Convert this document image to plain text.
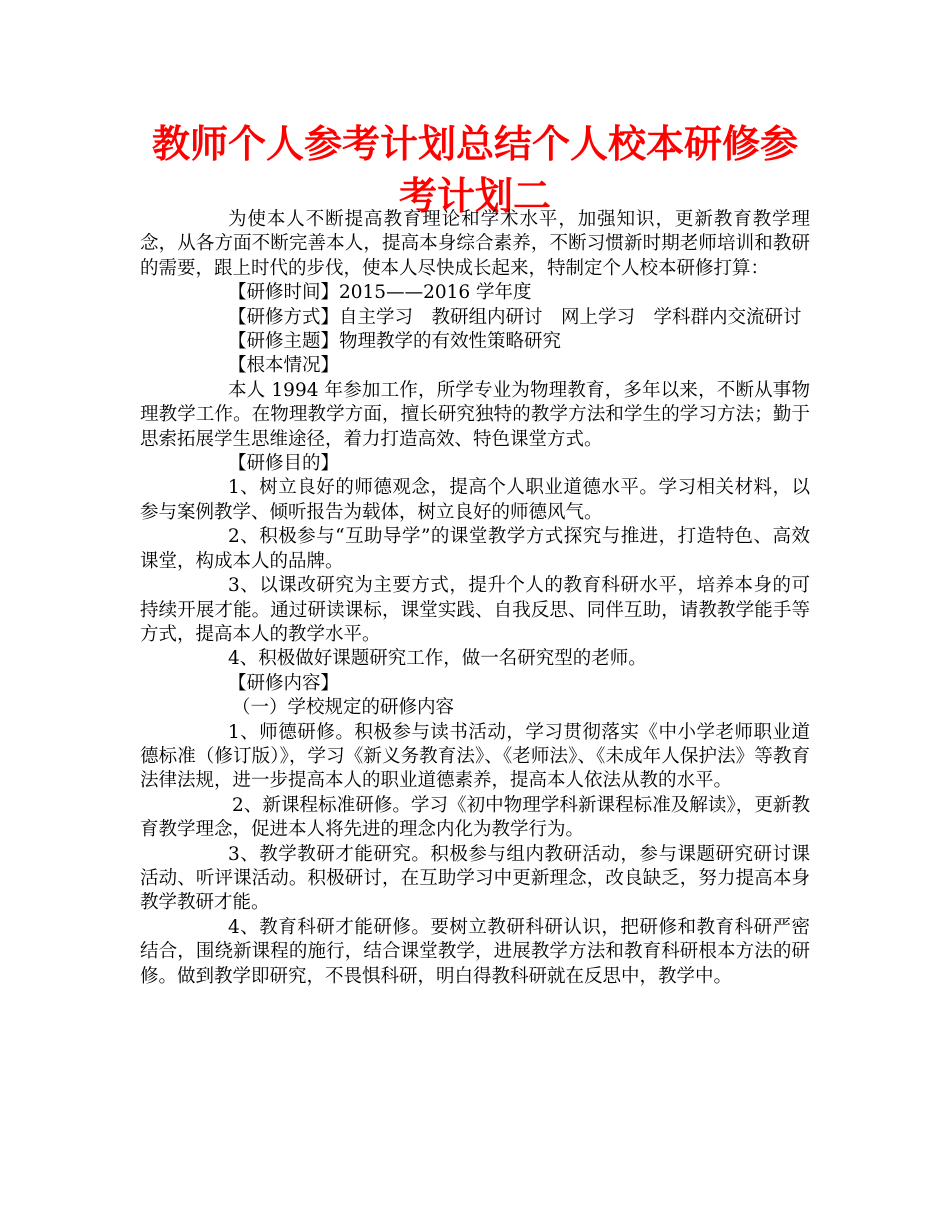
教师个人参考计划总结个人校本研修参考计划二

为使本人不断提高教育理论和学术水平，加强知识，更新教育教学理念，从各方面不断完善本人，提高本身综合素养，不断习惯新时期老师培训和教研的需要，跟上时代的步伐，使本人尽快成长起来，特制定个人校本研修打算：

【研修时间】2015——2016 学年度

【研修方式】自主学习　教研组内研讨　网上学习　学科群内交流研讨

【研修主题】物理教学的有效性策略研究

【根本情况】

本人 1994 年参加工作，所学专业为物理教育，多年以来，不断从事物理教学工作。在物理教学方面，擅长研究独特的教学方法和学生的学习方法；勤于思索拓展学生思维途径，着力打造高效、特色课堂方式。

【研修目的】

1、树立良好的师德观念，提高个人职业道德水平。学习相关材料，以参与案例教学、倾听报告为载体，树立良好的师德风气。

2、积极参与“互助导学”的课堂教学方式探究与推进，打造特色、高效课堂，构成本人的品牌。

3、以课改研究为主要方式，提升个人的教育科研水平，培养本身的可持续开展才能。通过研读课标，课堂实践、自我反思、同伴互助，请教教学能手等方式，提高本人的教学水平。

4、积极做好课题研究工作，做一名研究型的老师。

【研修内容】

（一）学校规定的研修内容

1、师德研修。积极参与读书活动，学习贯彻落实《中小学老师职业道德标准（修订版）》，学习《新义务教育法》、《老师法》、《未成年人保护法》等教育法律法规，进一步提高本人的职业道德素养，提高本人依法从教的水平。

2、新课程标准研修。学习《初中物理学科新课程标准及解读》，更新教育教学理念，促进本人将先进的理念内化为教学行为。

3、教学教研才能研究。积极参与组内教研活动，参与课题研究研讨课活动、听评课活动。积极研讨，在互助学习中更新理念，改良缺乏，努力提高本身教学教研才能。

4、教育科研才能研修。要树立教研科研认识，把研修和教育科研严密结合，围绕新课程的施行，结合课堂教学，进展教学方法和教育科研根本方法的研修。做到教学即研究，不畏惧科研，明白得教科研就在反思中，教学中。
